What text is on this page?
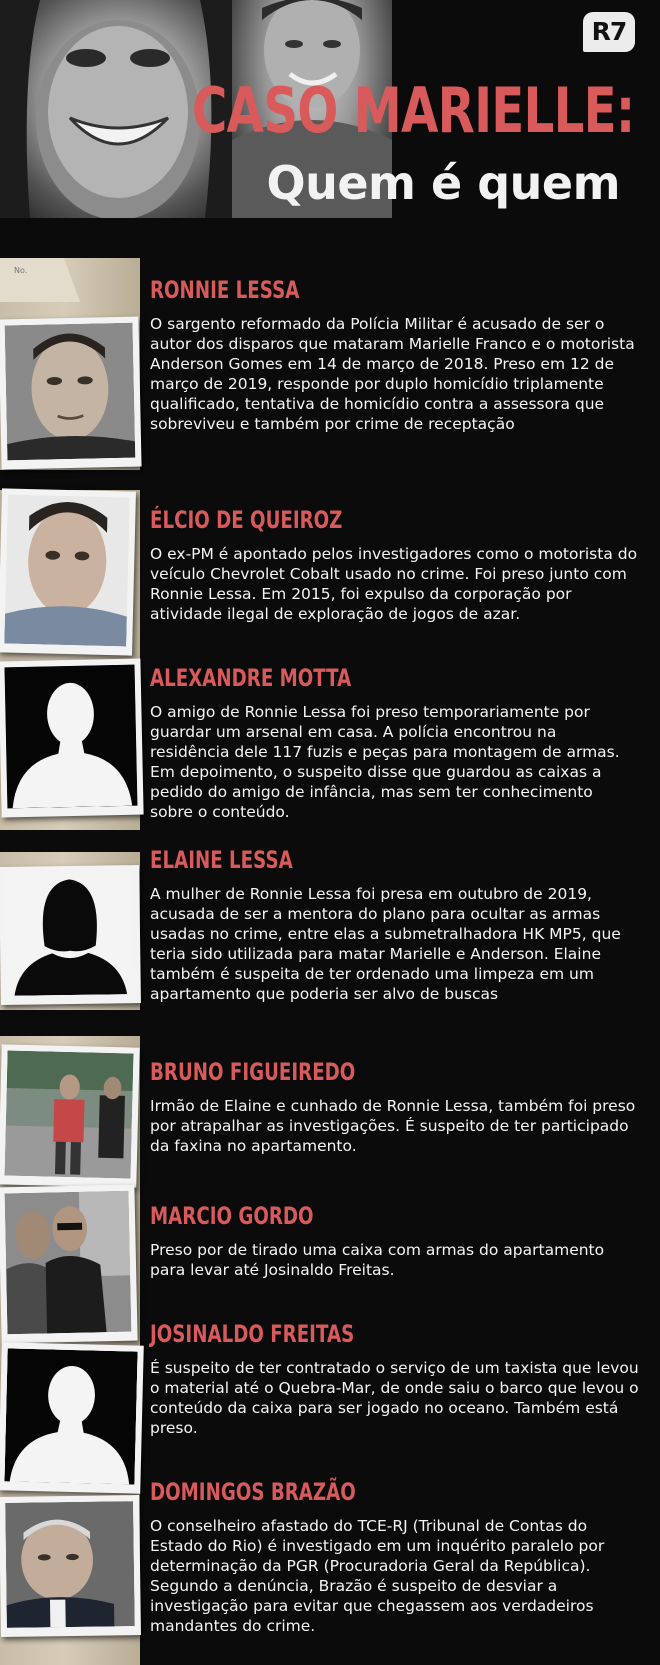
R7
CASO MARIELLE:
Quem é quem
No.
RONNIE LESSA

O sargento reformado da Polícia Militar é acusado de ser o autor dos disparos que mataram Marielle Franco e o motorista Anderson Gomes em 14 de março de 2018. Preso em 12 de março de 2019, responde por duplo homicídio triplamente qualificado, tentativa de homicídio contra a assessora que sobreviveu e também por crime de receptação

ÉLCIO DE QUEIROZ

O ex-PM é apontado pelos investigadores como o motorista do veículo Chevrolet Cobalt usado no crime. Foi preso junto com Ronnie Lessa. Em 2015, foi expulso da corporação por atividade ilegal de exploração de jogos de azar.

ALEXANDRE MOTTA

O amigo de Ronnie Lessa foi preso temporariamente por guardar um arsenal em casa. A polícia encontrou na residência dele 117 fuzis e peças para montagem de armas. Em depoimento, o suspeito disse que guardou as caixas a pedido do amigo de infância, mas sem ter conhecimento sobre o conteúdo.

ELAINE LESSA

A mulher de Ronnie Lessa foi presa em outubro de 2019, acusada de ser a mentora do plano para ocultar as armas usadas no crime, entre elas a submetralhadora HK MP5, que teria sido utilizada para matar Marielle e Anderson. Elaine também é suspeita de ter ordenado uma limpeza em um apartamento que poderia ser alvo de buscas

BRUNO FIGUEIREDO

Irmão de Elaine e cunhado de Ronnie Lessa, também foi preso por atrapalhar as investigações. É suspeito de ter participado da faxina no apartamento.

MARCIO GORDO

Preso por de tirado uma caixa com armas do apartamento para levar até Josinaldo Freitas.

JOSINALDO FREITAS

É suspeito de ter contratado o serviço de um taxista que levou o material até o Quebra-Mar, de onde saiu o barco que levou o conteúdo da caixa para ser jogado no oceano. Também está preso.

DOMINGOS BRAZÃO

O conselheiro afastado do TCE-RJ (Tribunal de Contas do Estado do Rio) é investigado em um inquérito paralelo por determinação da PGR (Procuradoria Geral da República). Segundo a denúncia, Brazão é suspeito de desviar a investigação para evitar que chegassem aos verdadeiros mandantes do crime.
